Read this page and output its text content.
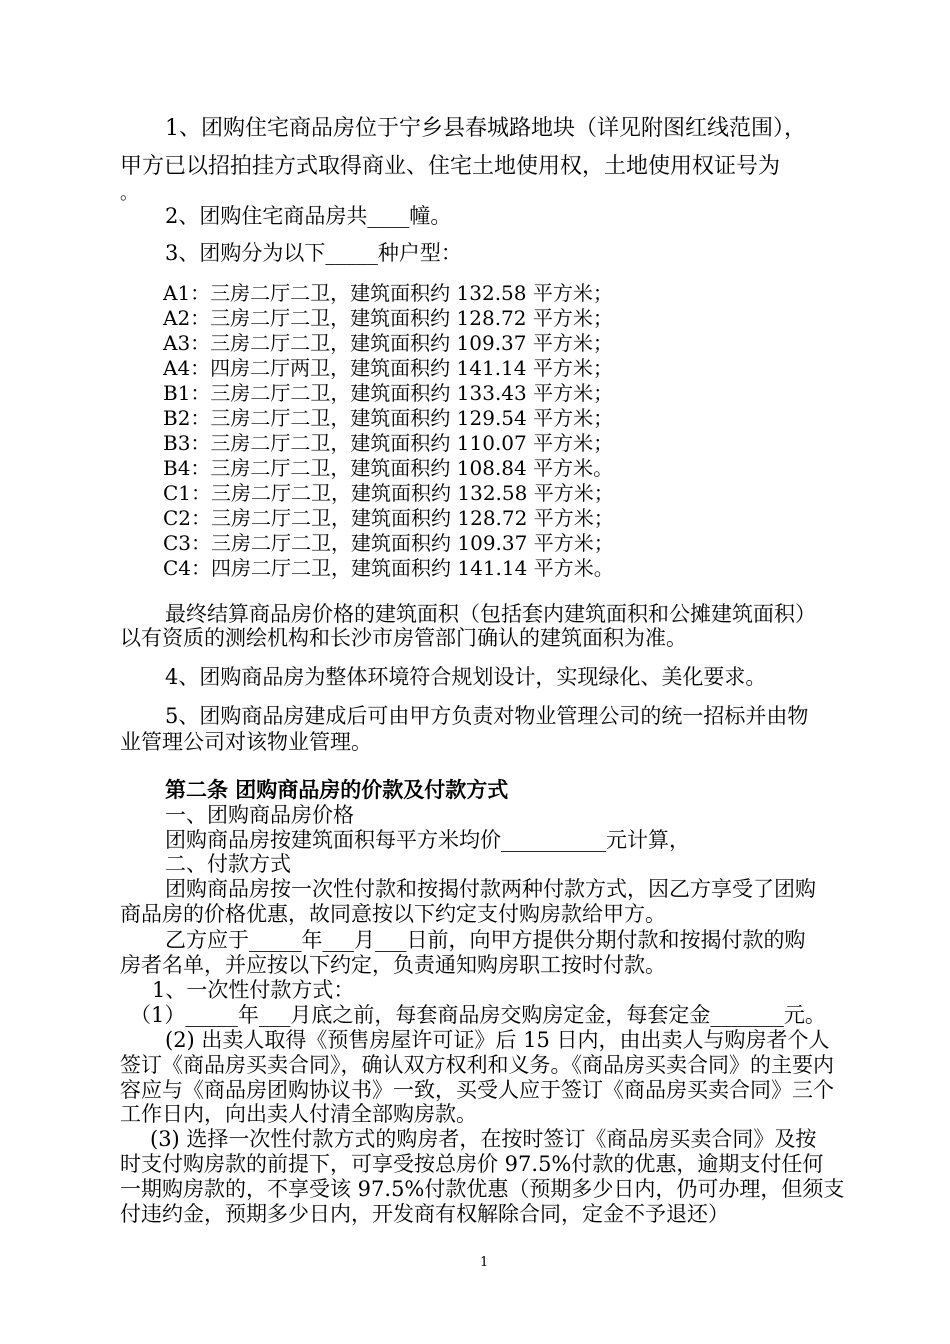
1、团购住宅商品房位于宁乡县春城路地块（详见附图红线范围），
甲方已以招拍挂方式取得商业、住宅土地使用权，土地使用权证号为
。
2、团购住宅商品房共____幢。
3、团购分为以下_____种户型：
A1：三房二厅二卫，建筑面积约 132.58 平方米；
A2：三房二厅二卫，建筑面积约 128.72 平方米；
A3：三房二厅二卫，建筑面积约 109.37 平方米；
A4：四房二厅两卫，建筑面积约 141.14 平方米；
B1：三房二厅二卫，建筑面积约 133.43 平方米；
B2：三房二厅二卫，建筑面积约 129.54 平方米；
B3：三房二厅二卫，建筑面积约 110.07 平方米；
B4：三房二厅二卫，建筑面积约 108.84 平方米。
C1：三房二厅二卫，建筑面积约 132.58 平方米；
C2：三房二厅二卫，建筑面积约 128.72 平方米；
C3：三房二厅二卫，建筑面积约 109.37 平方米；
C4：四房二厅二卫，建筑面积约 141.14 平方米。
最终结算商品房价格的建筑面积（包括套内建筑面积和公摊建筑面积）
以有资质的测绘机构和长沙市房管部门确认的建筑面积为准。
4、团购商品房为整体环境符合规划设计，实现绿化、美化要求。
5、团购商品房建成后可由甲方负责对物业管理公司的统一招标并由物
业管理公司对该物业管理。
第二条 团购商品房的价款及付款方式
一、团购商品房价格
团购商品房按建筑面积每平方米均价__________元计算，
二、付款方式
团购商品房按一次性付款和按揭付款两种付款方式，因乙方享受了团购
商品房的价格优惠，故同意按以下约定支付购房款给甲方。
乙方应于_____年___月___日前，向甲方提供分期付款和按揭付款的购
房者名单，并应按以下约定，负责通知购房职工按时付款。
1、一次性付款方式：
（1）_____年___月底之前，每套商品房交购房定金，每套定金_______元。
(2) 出卖人取得《预售房屋许可证》后 15 日内，由出卖人与购房者个人
签订《商品房买卖合同》，确认双方权利和义务。《商品房买卖合同》的主要内
容应与《商品房团购协议书》一致，买受人应于签订《商品房买卖合同》三个
工作日内，向出卖人付清全部购房款。
(3) 选择一次性付款方式的购房者，在按时签订《商品房买卖合同》及按
时支付购房款的前提下，可享受按总房价 97.5%付款的优惠，逾期支付任何
一期购房款的，不享受该 97.5%付款优惠（预期多少日内，仍可办理，但须支
付违约金，预期多少日内，开发商有权解除合同，定金不予退还）
1
